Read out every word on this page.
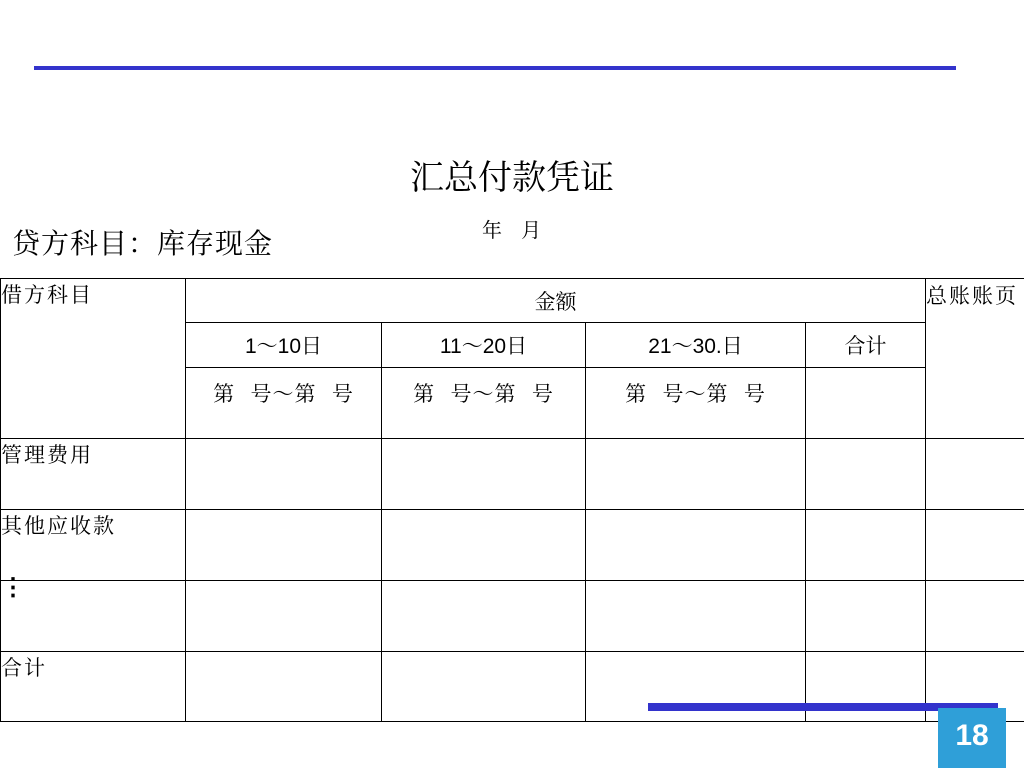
汇总付款凭证
年   月
贷方科目：库存现金
借方科目	金额				总账账页
	1～10日	11～20日	21～30.日	合计	
	第  号～第  号	第  号～第  号	第  号～第  号		
管理费用					
其他应收款					
⋮					
合计					
18
